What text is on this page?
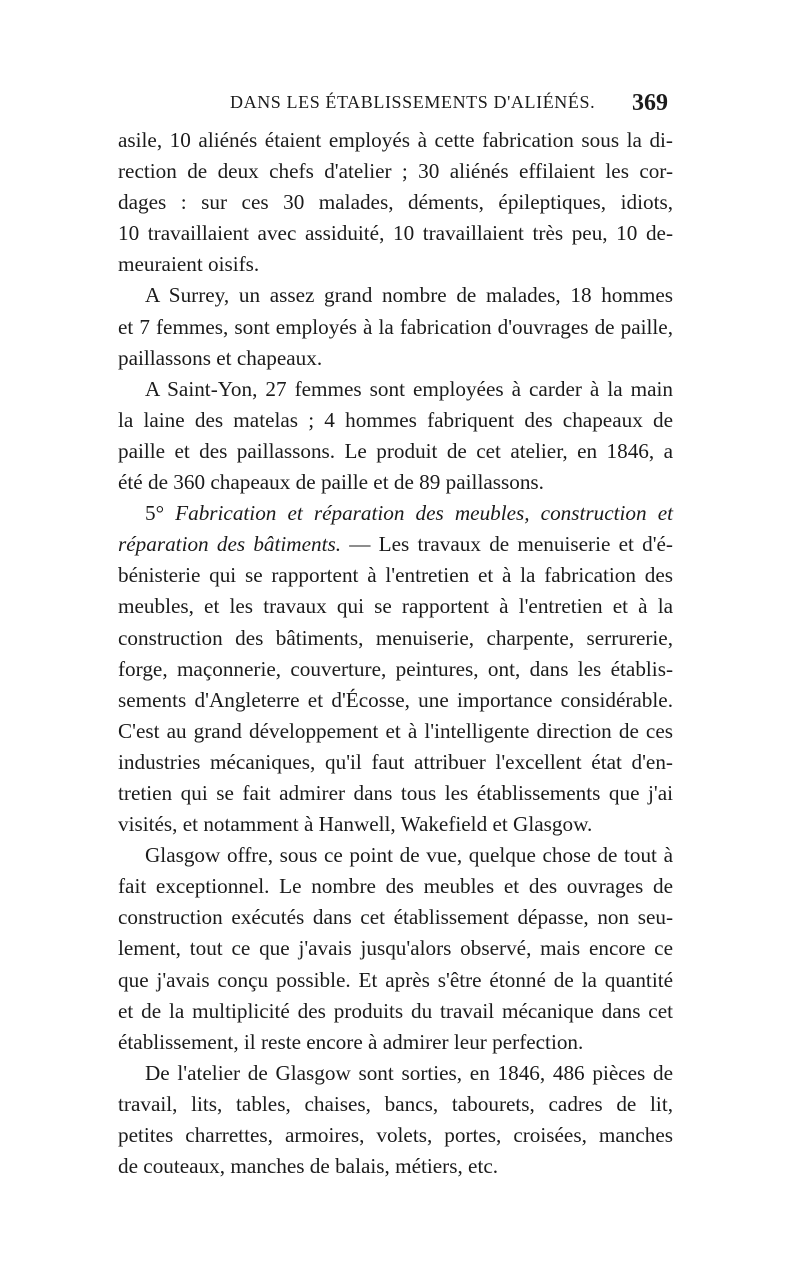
DANS LES ÉTABLISSEMENTS D'ALIÉNÉS. 369
asile, 10 aliénés étaient employés à cette fabrication sous la di-
rection de deux chefs d'atelier ; 30 aliénés effilaient les cor-
dages : sur ces 30 malades, déments, épileptiques, idiots,
10 travaillaient avec assiduité, 10 travaillaient très peu, 10 de-
meuraient oisifs.
A Surrey, un assez grand nombre de malades, 18 hommes
et 7 femmes, sont employés à la fabrication d'ouvrages de paille,
paillassons et chapeaux.
A Saint-Yon, 27 femmes sont employées à carder à la main
la laine des matelas ; 4 hommes fabriquent des chapeaux de
paille et des paillassons. Le produit de cet atelier, en 1846, a
été de 360 chapeaux de paille et de 89 paillassons.
5° Fabrication et réparation des meubles, construction et
réparation des bâtiments. — Les travaux de menuiserie et d'é-
bénisterie qui se rapportent à l'entretien et à la fabrication des
meubles, et les travaux qui se rapportent à l'entretien et à la
construction des bâtiments, menuiserie, charpente, serrurerie,
forge, maçonnerie, couverture, peintures, ont, dans les établis-
sements d'Angleterre et d'Écosse, une importance considérable.
C'est au grand développement et à l'intelligente direction de ces
industries mécaniques, qu'il faut attribuer l'excellent état d'en-
tretien qui se fait admirer dans tous les établissements que j'ai
visités, et notamment à Hanwell, Wakefield et Glasgow.
Glasgow offre, sous ce point de vue, quelque chose de tout à
fait exceptionnel. Le nombre des meubles et des ouvrages de
construction exécutés dans cet établissement dépasse, non seu-
lement, tout ce que j'avais jusqu'alors observé, mais encore ce
que j'avais conçu possible. Et après s'être étonné de la quantité
et de la multiplicité des produits du travail mécanique dans cet
établissement, il reste encore à admirer leur perfection.
De l'atelier de Glasgow sont sorties, en 1846, 486 pièces de
travail, lits, tables, chaises, bancs, tabourets, cadres de lit,
petites charrettes, armoires, volets, portes, croisées, manches
de couteaux, manches de balais, métiers, etc.
